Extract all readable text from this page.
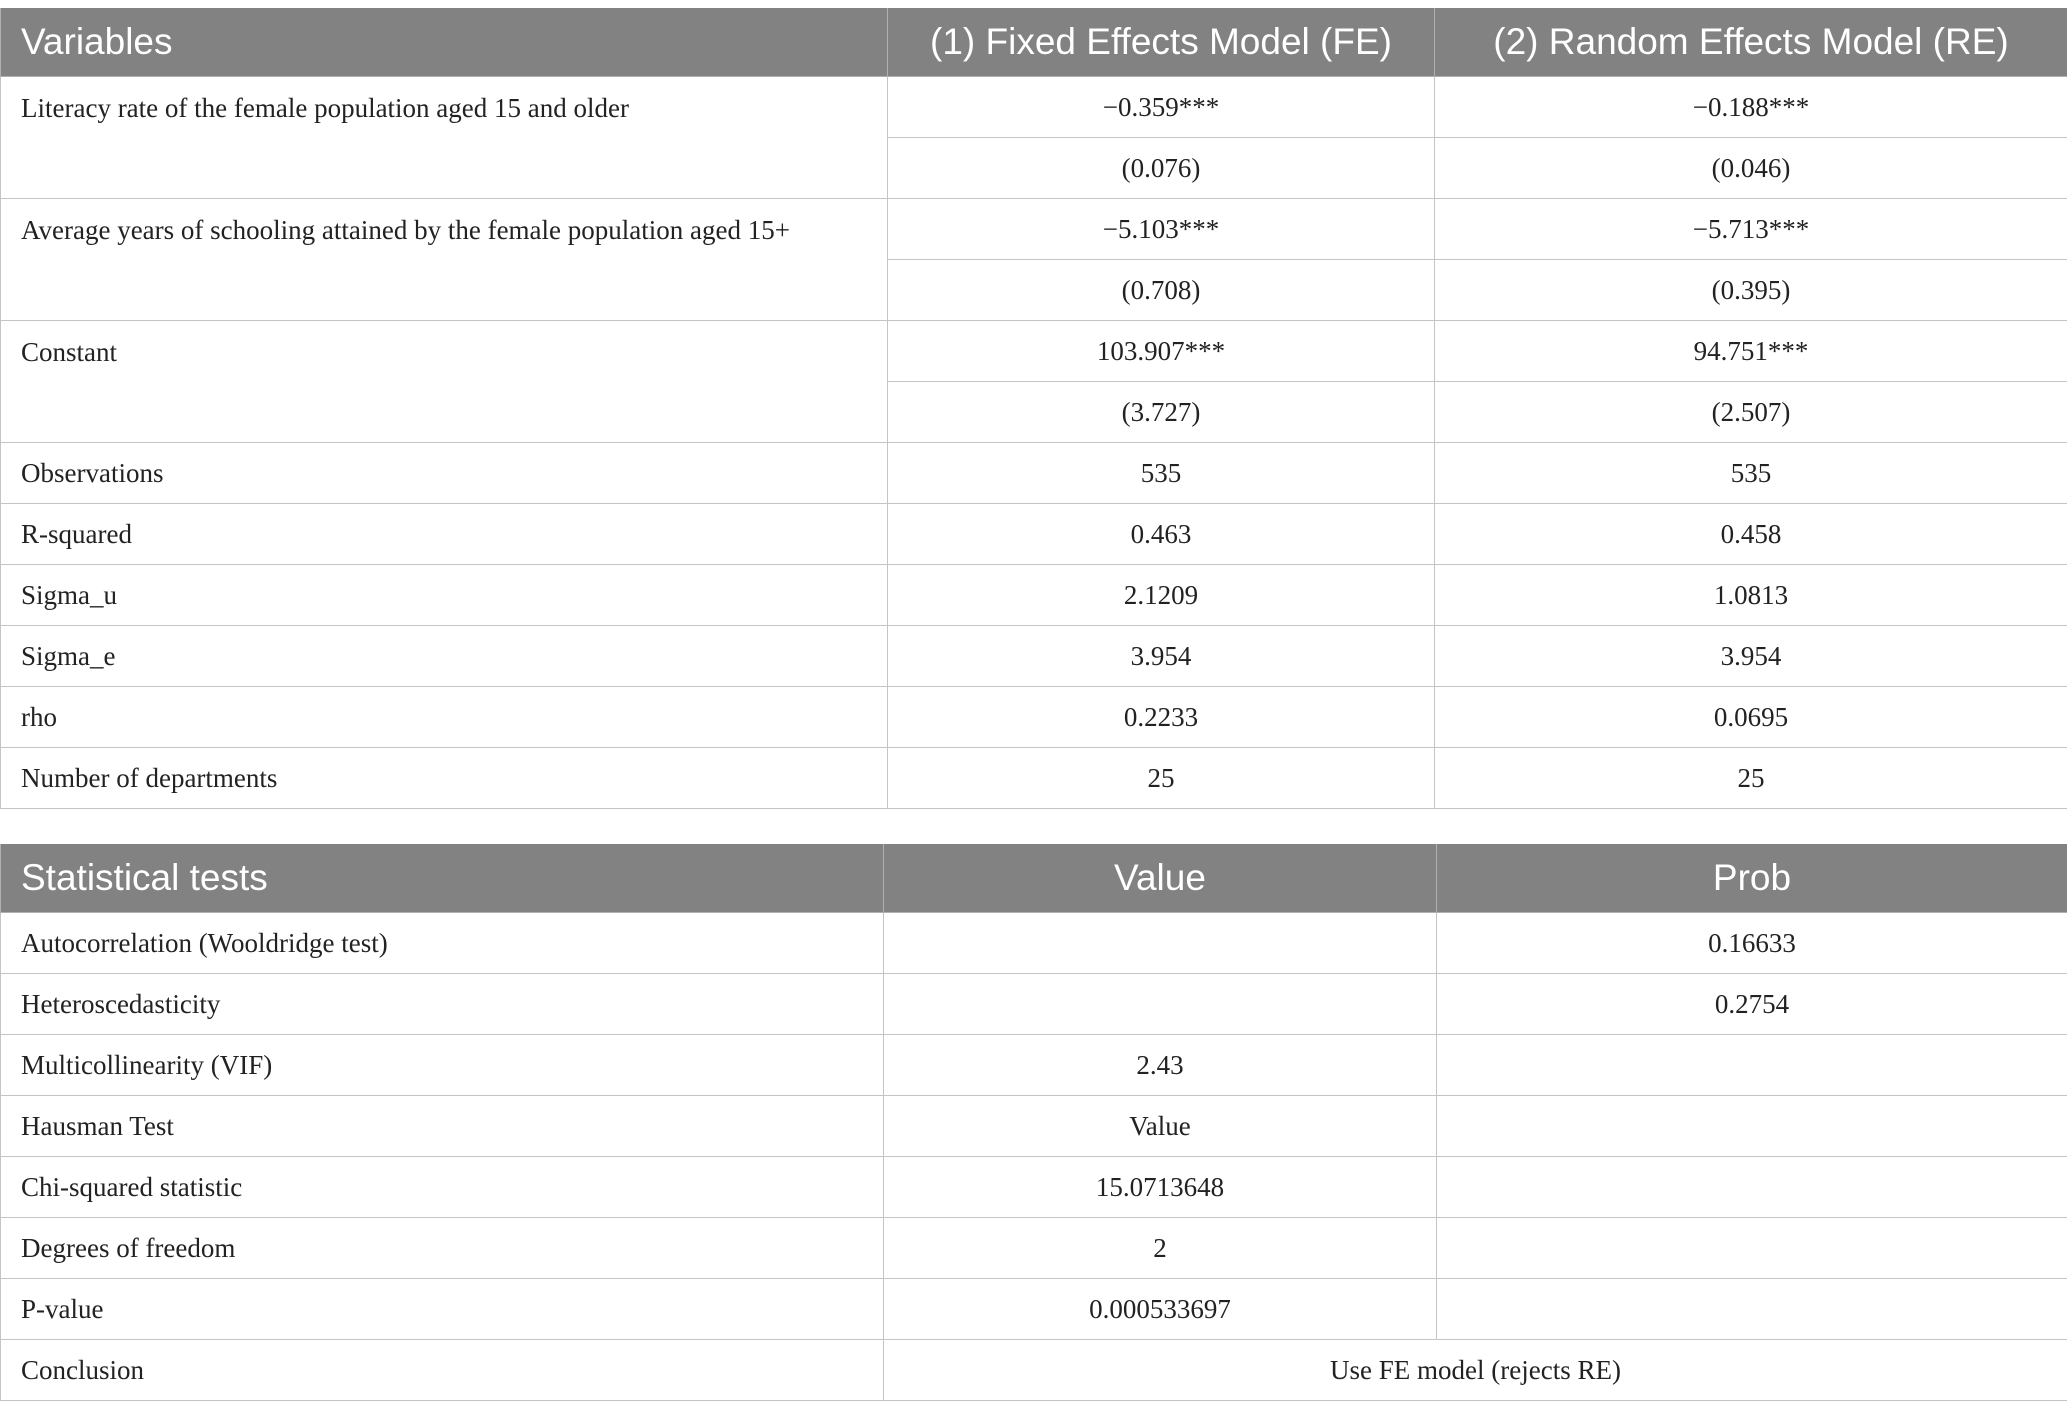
Variables	(1) Fixed Effects Model (FE)	(2) Random Effects Model (RE)
Literacy rate of the female population aged 15 and older	−0.359***	−0.188***
	(0.076)	(0.046)
Average years of schooling attained by the female population aged 15+	−5.103***	−5.713***
	(0.708)	(0.395)
Constant	103.907***	94.751***
	(3.727)	(2.507)
Observations	535	535
R-squared	0.463	0.458
Sigma_u	2.1209	1.0813
Sigma_e	3.954	3.954
rho	0.2233	0.0695
Number of departments	25	25
Statistical tests	Value	Prob
Autocorrelation (Wooldridge test)		0.16633
Heteroscedasticity		0.2754
Multicollinearity (VIF)	2.43	
Hausman Test	Value	
Chi-squared statistic	15.0713648	
Degrees of freedom	2	
P-value	0.000533697	
Conclusion	Use FE model (rejects RE)	
